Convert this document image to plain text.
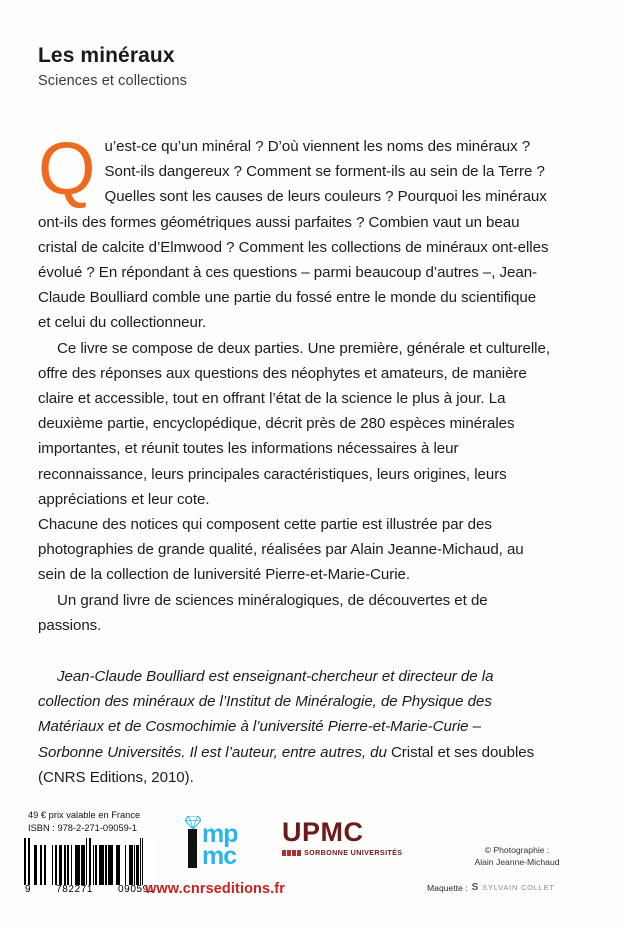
Les minéraux
Sciences et collections

Qu’est-ce qu’un minéral ? D’où viennent les noms des minéraux ? Sont-ils dangereux ? Comment se forment-ils au sein de la Terre ? Quelles sont les causes de leurs couleurs ? Pourquoi les minéraux ont-ils des formes géométriques aussi parfaites ? Combien vaut un beau cristal de calcite d’Elmwood ? Comment les collections de minéraux ont-elles évolué ? En répondant à ces questions – parmi beaucoup d’autres –, Jean-Claude Boulliard comble une partie du fossé entre le monde du scientifique et celui du collectionneur.

Ce livre se compose de deux parties. Une première, générale et culturelle, offre des réponses aux questions des néophytes et amateurs, de manière claire et accessible, tout en offrant l’état de la science le plus à jour. La deuxième partie, encyclopédique, décrit près de 280 espèces minérales importantes, et réunit toutes les informations nécessaires à leur reconnaissance, leurs principales caractéristiques, leurs origines, leurs appréciations et leur cote.

Chacune des notices qui composent cette partie est illustrée par des photographies de grande qualité, réalisées par Alain Jeanne-Michaud, au sein de la collection de luniversité Pierre-et-Marie-Curie.

Un grand livre de sciences minéralogiques, de découvertes et de passions.

Jean-Claude Boulliard est enseignant-chercheur et directeur de la collection des minéraux de l’Institut de Minéralogie, de Physique des Matériaux et de Cosmochimie à l’université Pierre-et-Marie-Curie – Sorbonne Universités. Il est l’auteur, entre autres, du Cristal et ses doubles (CNRS Editions, 2010).
49 € prix valable en France
ISBN : 978-2-271-09059-1
9 782271 090591
mp
mc
UPMC
SORBONNE UNIVERSITÉS
www.cnrseditions.fr
© Photographie :
Alain Jeanne-Michaud
Maquette : S SYLVAIN COLLET
